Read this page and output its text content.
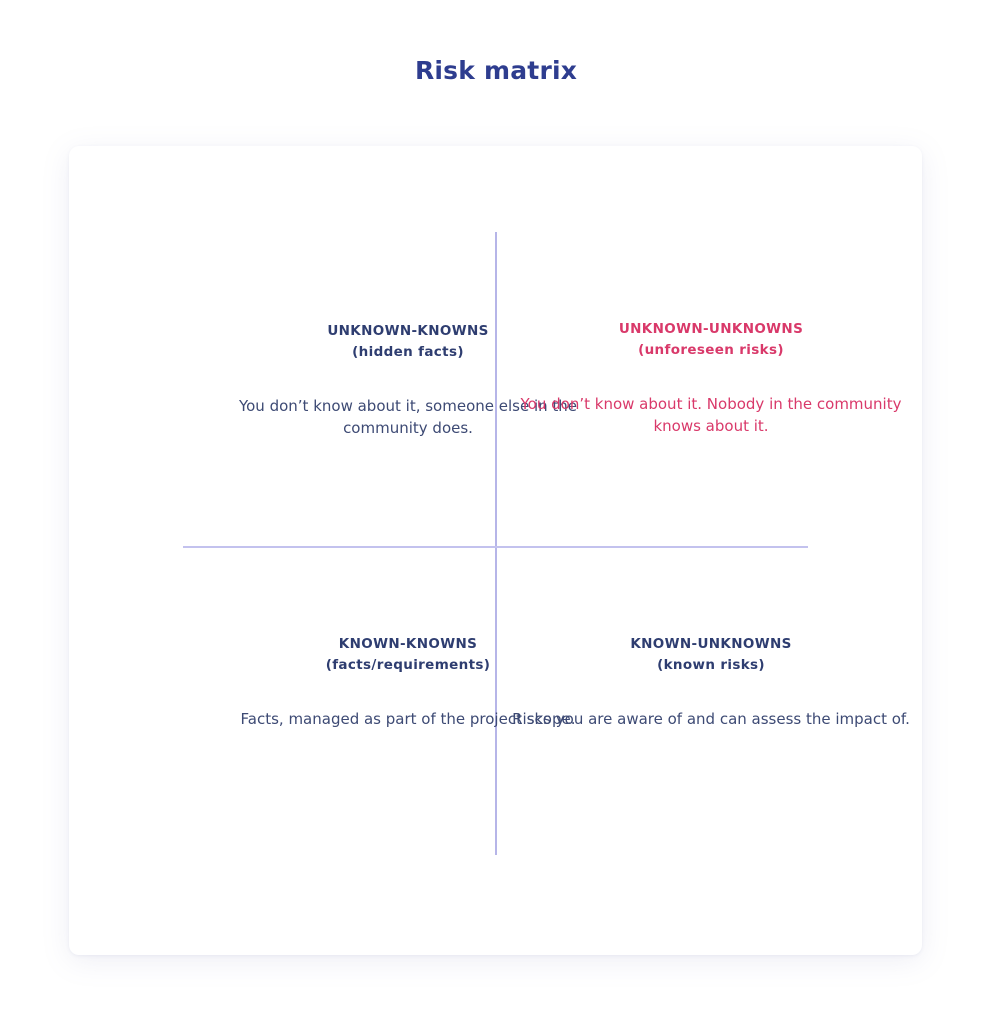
Risk matrix
UNKNOWN-KNOWNS
(hidden facts)
You don’t know about it, someone else in the community does.
UNKNOWN-UNKNOWNS
(unforeseen risks)
You don’t know about it. Nobody in the community knows about it.
KNOWN-KNOWNS
(facts/requirements)
Facts, managed as part of the project scope.
KNOWN-UNKNOWNS
(known risks)
Risks you are aware of and can assess the impact of.
